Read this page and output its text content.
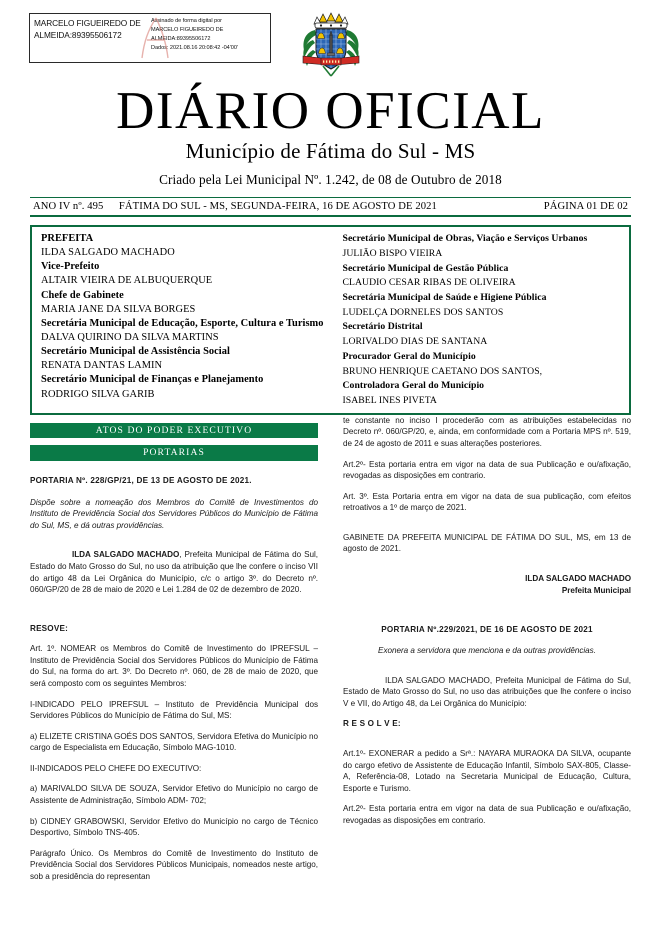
MARCELO FIGUEIREDO DE ALMEIDA:89395506172
Assinado de forma digital por
MARCELO FIGUEIREDO DE
ALMEIDA:89395506172
Dados: 2021.08.16 20:08:42 -04'00'
DIÁRIO OFICIAL
Município de Fátima do Sul - MS
Criado pela Lei Municipal Nº. 1.242, de 08 de Outubro de 2018
ANO IV nº. 495 FÁTIMA DO SUL - MS, SEGUNDA-FEIRA, 16 DE AGOSTO DE 2021	PÁGINA 01 DE 02
PREFEITA
ILDA SALGADO MACHADO
Vice-Prefeito
ALTAIR VIEIRA DE ALBUQUERQUE
Chefe de Gabinete
MARIA JANE DA SILVA BORGES
Secretária Municipal de Educação, Esporte, Cultura e Turismo
DALVA QUIRINO DA SILVA MARTINS
Secretário Municipal de Assistência Social
RENATA DANTAS LAMIN
Secretário Municipal de Finanças e Planejamento
RODRIGO SILVA GARIB
Secretário Municipal de Obras, Viação e Serviços Urbanos
JULIÃO BISPO VIEIRA
Secretário Municipal de Gestão Pública
CLAUDIO CESAR RIBAS DE OLIVEIRA
Secretária Municipal de Saúde e Higiene Pública
LUDELÇA DORNELES DOS SANTOS
Secretário Distrital
LORIVALDO DIAS DE SANTANA
Procurador Geral do Município
BRUNO HENRIQUE CAETANO DOS SANTOS,
Controladora Geral do Município
ISABEL INES PIVETA
ATOS DO PODER EXECUTIVO
PORTARIAS

PORTARIA Nº. 228/GP/21, DE 13 DE AGOSTO DE 2021.

Dispõe sobre a nomeação dos Membros do Comitê de Investimentos do Instituto de Previdência Social dos Servidores Públicos do Município de Fátima do Sul, MS, e dá outras providências.

ILDA SALGADO MACHADO, Prefeita Municipal de Fátima do Sul, Estado do Mato Grosso do Sul, no uso da atribuição que lhe confere o inciso VII do artigo 48 da Lei Orgânica do Município, c/c o artigo 3º. do Decreto nº. 060/GP/20 de 28 de maio de 2020 e Lei 1.284 de 02 de dezembro de 2020.

RESOVE:

Art. 1º. NOMEAR os Membros do Comitê de Investimento do IPREFSUL – Instituto de Previdência Social dos Servidores Públicos do Município de Fátima do Sul, na forma do art. 3º. Do Decreto nº. 060, de 28 de maio de 2020, que será composto com os seguintes Membros:

I-INDICADO PELO IPREFSUL – Instituto de Previdência Municipal dos Servidores Públicos do Município de Fátima do Sul, MS:

a) ELIZETE CRISTINA GOÉS DOS SANTOS, Servidora Efetiva do Município no cargo de Especialista em Educação, Símbolo MAG-1010.

II-INDICADOS PELO CHEFE DO EXECUTIVO:

a) MARIVALDO SILVA DE SOUZA, Servidor Efetivo do Município no cargo de Assistente de Administração, Símbolo ADM- 702;

b) CIDNEY GRABOWSKI, Servidor Efetivo do Município no cargo de Técnico Desportivo, Símbolo TNS-405.

Parágrafo Único. Os Membros do Comitê de Investimento do Instituto de Previdência Social dos Servidores Públicos Municipais, nomeados neste artigo, sob a presidência do representan

te constante no inciso I procederão com as atribuições estabelecidas no Decreto nº. 060/GP/20, e, ainda, em conformidade com a Portaria MPS nº. 519, de 24 de agosto de 2011 e suas alterações posteriores.

Art.2º- Esta portaria entra em vigor na data de sua Publicação e ou/afixação, revogadas as disposições em contrario.

Art. 3º. Esta Portaria entra em vigor na data de sua publicação, com efeitos retroativos a 1º de março de 2021.

GABINETE DA PREFEITA MUNICIPAL DE FÁTIMA DO SUL, MS, em 13 de agosto de 2021.

ILDA SALGADO MACHADO

Prefeita Municipal

PORTARIA Nº.229/2021, DE 16 DE AGOSTO DE 2021

Exonera a servidora que menciona e da outras providências.

ILDA SALGADO MACHADO, Prefeita Municipal de Fátima do Sul, Estado de Mato Grosso do Sul, no uso das atribuições que lhe confere o inciso V e VII, do Artigo 48, da Lei Orgânica do Município:

R E S O L V E:

Art.1º- EXONERAR a pedido a Srª.: NAYARA MURAOKA DA SILVA, ocupante do cargo efetivo de Assistente de Educação Infantil, Símbolo SAX-805, Classe-A, Referência-08, Lotado na Secretaria Municipal de Educação, Cultura, Esporte e Turismo.

Art.2º- Esta portaria entra em vigor na data de sua Publicação e ou/afixação, revogadas as disposições em contrario.
